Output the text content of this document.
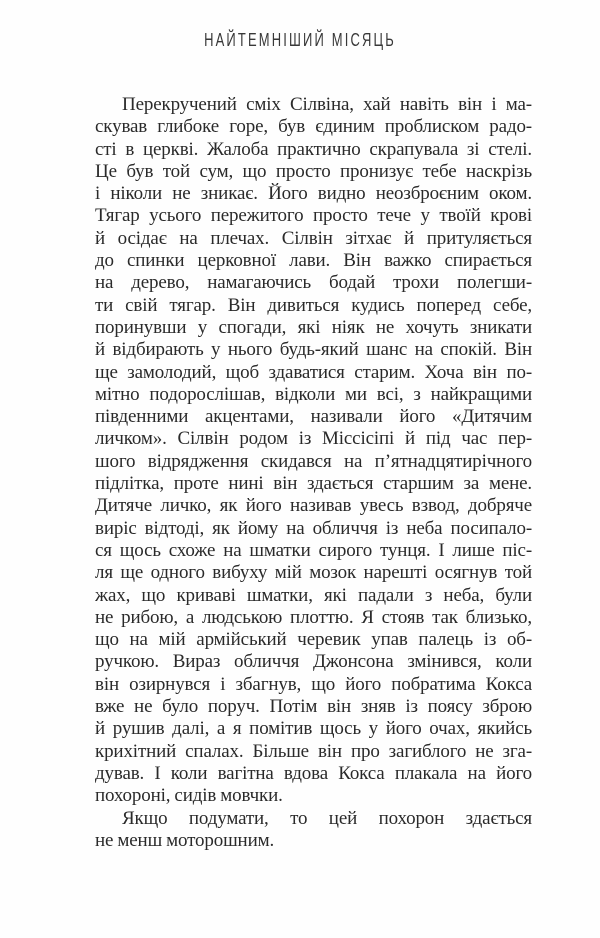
НАЙТЕМНІШИЙ МІСЯЦЬ
Перекручений сміх Сілвіна, хай навіть він і ма-
скував глибоке горе, був єдиним проблиском радо-
сті в церкві. Жалоба практично скрапувала зі стелі.
Це був той сум, що просто пронизує тебе наскрізь
і ніколи не зникає. Його видно неозброєним оком.
Тягар усього пережитого просто тече у твоїй крові
й осідає на плечах. Сілвін зітхає й притуляється
до спинки церковної лави. Він важко спирається
на дерево, намагаючись бодай трохи полегши-
ти свій тягар. Він дивиться кудись поперед себе,
поринувши у спогади, які ніяк не хочуть зникати
й відбирають у нього будь-який шанс на спокій. Він
ще замолодий, щоб здаватися старим. Хоча він по-
мітно подорослішав, відколи ми всі, з найкращими
південними акцентами, називали його «Дитячим
личком». Сілвін родом із Міссісіпі й під час пер-
шого відрядження скидався на п’ятнадцятирічного
підлітка, проте нині він здається старшим за мене.
Дитяче личко, як його називав увесь взвод, добряче
виріс відтоді, як йому на обличчя із неба посипало-
ся щось схоже на шматки сирого тунця. І лише піс-
ля ще одного вибуху мій мозок нарешті осягнув той
жах, що криваві шматки, які падали з неба, були
не рибою, а людською плоттю. Я стояв так близько,
що на мій армійський черевик упав палець із об-
ручкою. Вираз обличчя Джонсона змінився, коли
він озирнувся і збагнув, що його побратима Кокса
вже не було поруч. Потім він зняв із поясу зброю
й рушив далі, а я помітив щось у його очах, якийсь
крихітний спалах. Більше він про загиблого не зга-
дував. І коли вагітна вдова Кокса плакала на його
похороні, сидів мовчки.
Якщо подумати, то цей похорон здається
не менш моторошним.
